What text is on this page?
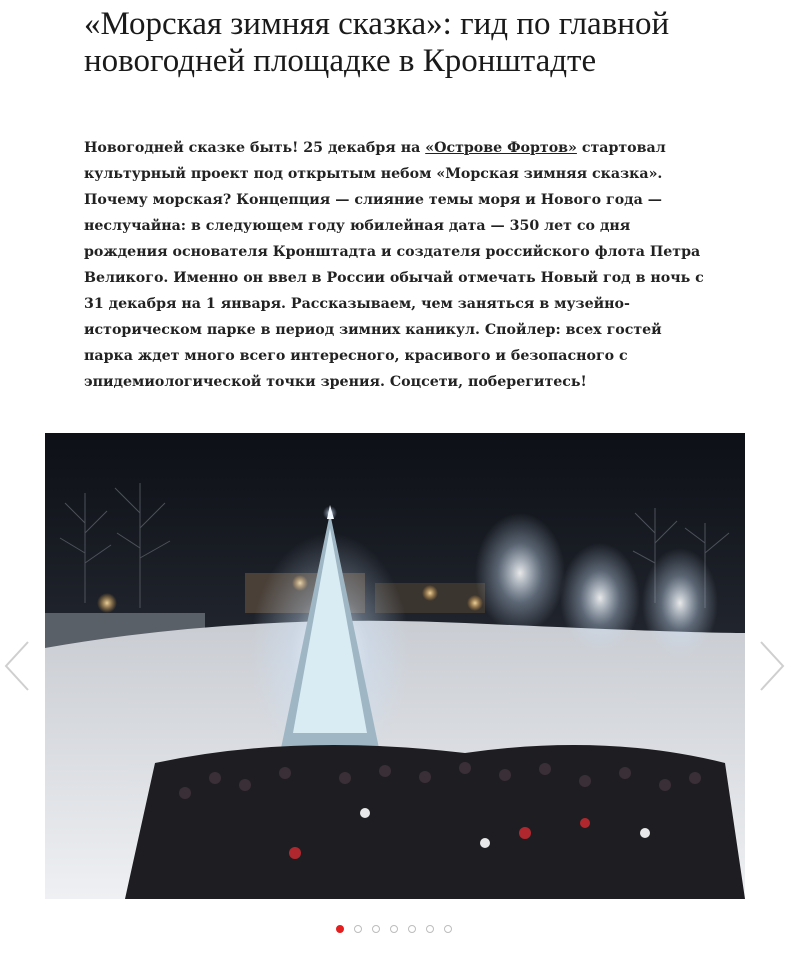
«Морская зимняя сказка»: гид по главной новогодней площадке в Кронштадте

Новогодней сказке быть! 25 декабря на «Острове Фортов» стартовал культурный проект под открытым небом «Морская зимняя сказка». Почему морская? Концепция — слияние темы моря и Нового года — неслучайна: в следующем году юбилейная дата — 350 лет со дня рождения основателя Кронштадта и создателя российского флота Петра Великого. Именно он ввел в России обычай отмечать Новый год в ночь с 31 декабря на 1 января. Рассказываем, чем заняться в музейно-историческом парке в период зимних каникул. Спойлер: всех гостей парка ждет много всего интересного, красивого и безопасного с эпидемиологической точки зрения. Соцсети, поберегитесь!
